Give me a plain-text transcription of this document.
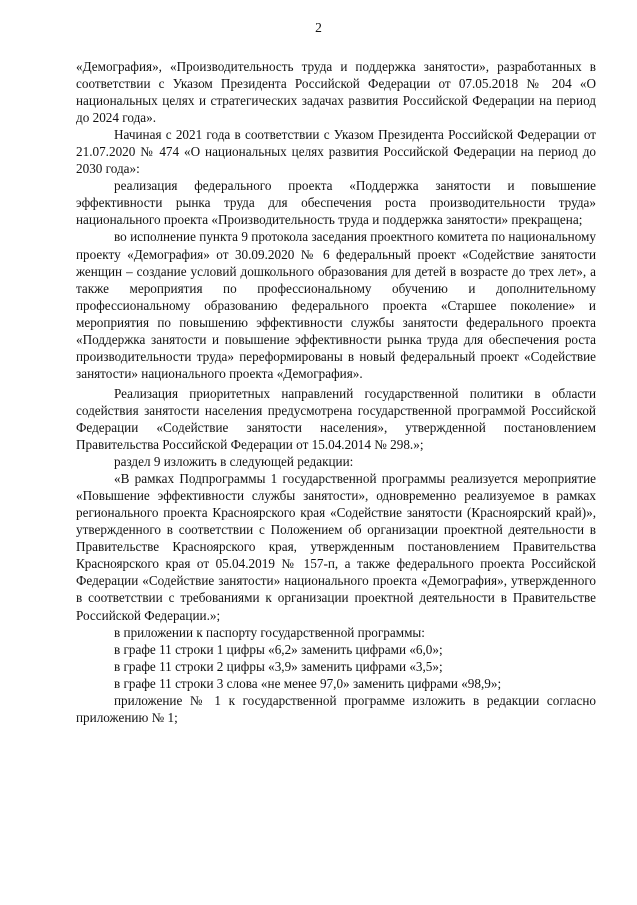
2

«Демография», «Производительность труда и поддержка занятости», разработанных в соответствии с Указом Президента Российской Федерации от 07.05.2018 № 204 «О национальных целях и стратегических задачах развития Российской Федерации на период до 2024 года».

Начиная с 2021 года в соответствии с Указом Президента Российской Федерации от 21.07.2020 № 474 «О национальных целях развития Российской Федерации на период до 2030 года»:

реализация федерального проекта «Поддержка занятости и повышение эффективности рынка труда для обеспечения роста производительности труда» национального проекта «Производительность труда и поддержка занятости» прекращена;

во исполнение пункта 9 протокола заседания проектного комитета по национальному проекту «Демография» от 30.09.2020 № 6 федеральный проект «Содействие занятости женщин – создание условий дошкольного образования для детей в возрасте до трех лет», а также мероприятия по профессиональному обучению и дополнительному профессиональному образованию федерального проекта «Старшее поколение» и мероприятия по повышению эффективности службы занятости федерального проекта «Поддержка занятости и повышение эффективности рынка труда для обеспечения роста производительности труда» переформированы в новый федеральный проект «Содействие занятости» национального проекта «Демография».

Реализация приоритетных направлений государственной политики в области содействия занятости населения предусмотрена государственной программой Российской Федерации «Содействие занятости населения», утвержденной постановлением Правительства Российской Федерации от 15.04.2014 № 298.»;

раздел 9 изложить в следующей редакции:

«В рамках Подпрограммы 1 государственной программы реализуется мероприятие «Повышение эффективности службы занятости», одновременно реализуемое в рамках регионального проекта Красноярского края «Содействие занятости (Красноярский край)», утвержденного в соответствии с Положением об организации проектной деятельности в Правительстве Красноярского края, утвержденным постановлением Правительства Красноярского края от 05.04.2019 № 157-п, а также федерального проекта Российской Федерации «Содействие занятости» национального проекта «Демография», утвержденного в соответствии с требованиями к организации проектной деятельности в Правительстве Российской Федерации.»;

в приложении к паспорту государственной программы:

в графе 11 строки 1 цифры «6,2» заменить цифрами «6,0»;

в графе 11 строки 2 цифры «3,9» заменить цифрами «3,5»;

в графе 11 строки 3 слова «не менее 97,0» заменить цифрами «98,9»;

приложение № 1 к государственной программе изложить в редакции согласно приложению № 1;
